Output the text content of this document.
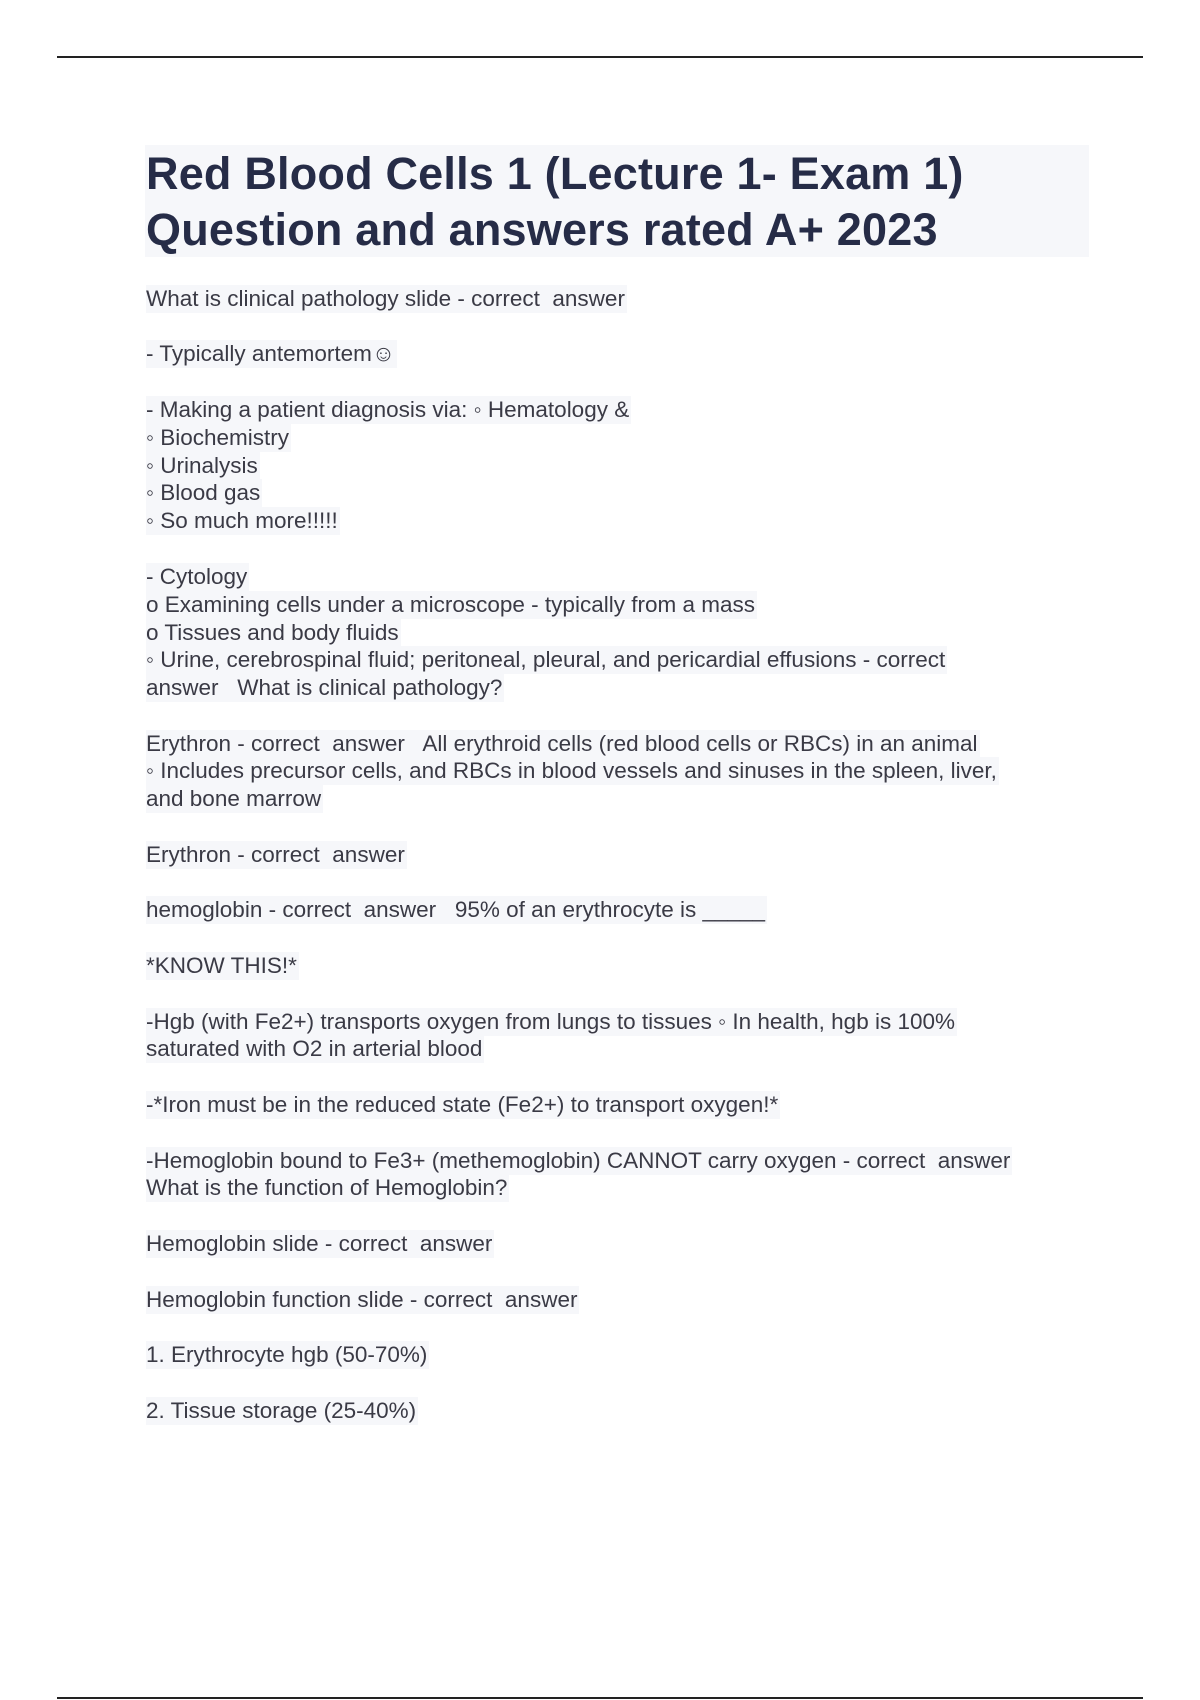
Red Blood Cells 1 (Lecture 1- Exam 1)
Question and answers rated A+ 2023
What is clinical pathology slide - correct  answer
- Typically antemortem☺
- Making a patient diagnosis via: ◦ Hematology &
◦ Biochemistry
◦ Urinalysis
◦ Blood gas
◦ So much more!!!!!
- Cytology
o Examining cells under a microscope - typically from a mass
o Tissues and body fluids
◦ Urine, cerebrospinal fluid; peritoneal, pleural, and pericardial effusions - correct
answer   What is clinical pathology?
Erythron - correct  answer   All erythroid cells (red blood cells or RBCs) in an animal
◦ Includes precursor cells, and RBCs in blood vessels and sinuses in the spleen, liver,
and bone marrow
Erythron - correct  answer
hemoglobin - correct  answer   95% of an erythrocyte is _____
*KNOW THIS!*
-Hgb (with Fe2+) transports oxygen from lungs to tissues ◦ In health, hgb is 100%
saturated with O2 in arterial blood
-*Iron must be in the reduced state (Fe2+) to transport oxygen!*
-Hemoglobin bound to Fe3+ (methemoglobin) CANNOT carry oxygen - correct  answer
What is the function of Hemoglobin?
Hemoglobin slide - correct  answer
Hemoglobin function slide - correct  answer
1. Erythrocyte hgb (50-70%)
2. Tissue storage (25-40%)
